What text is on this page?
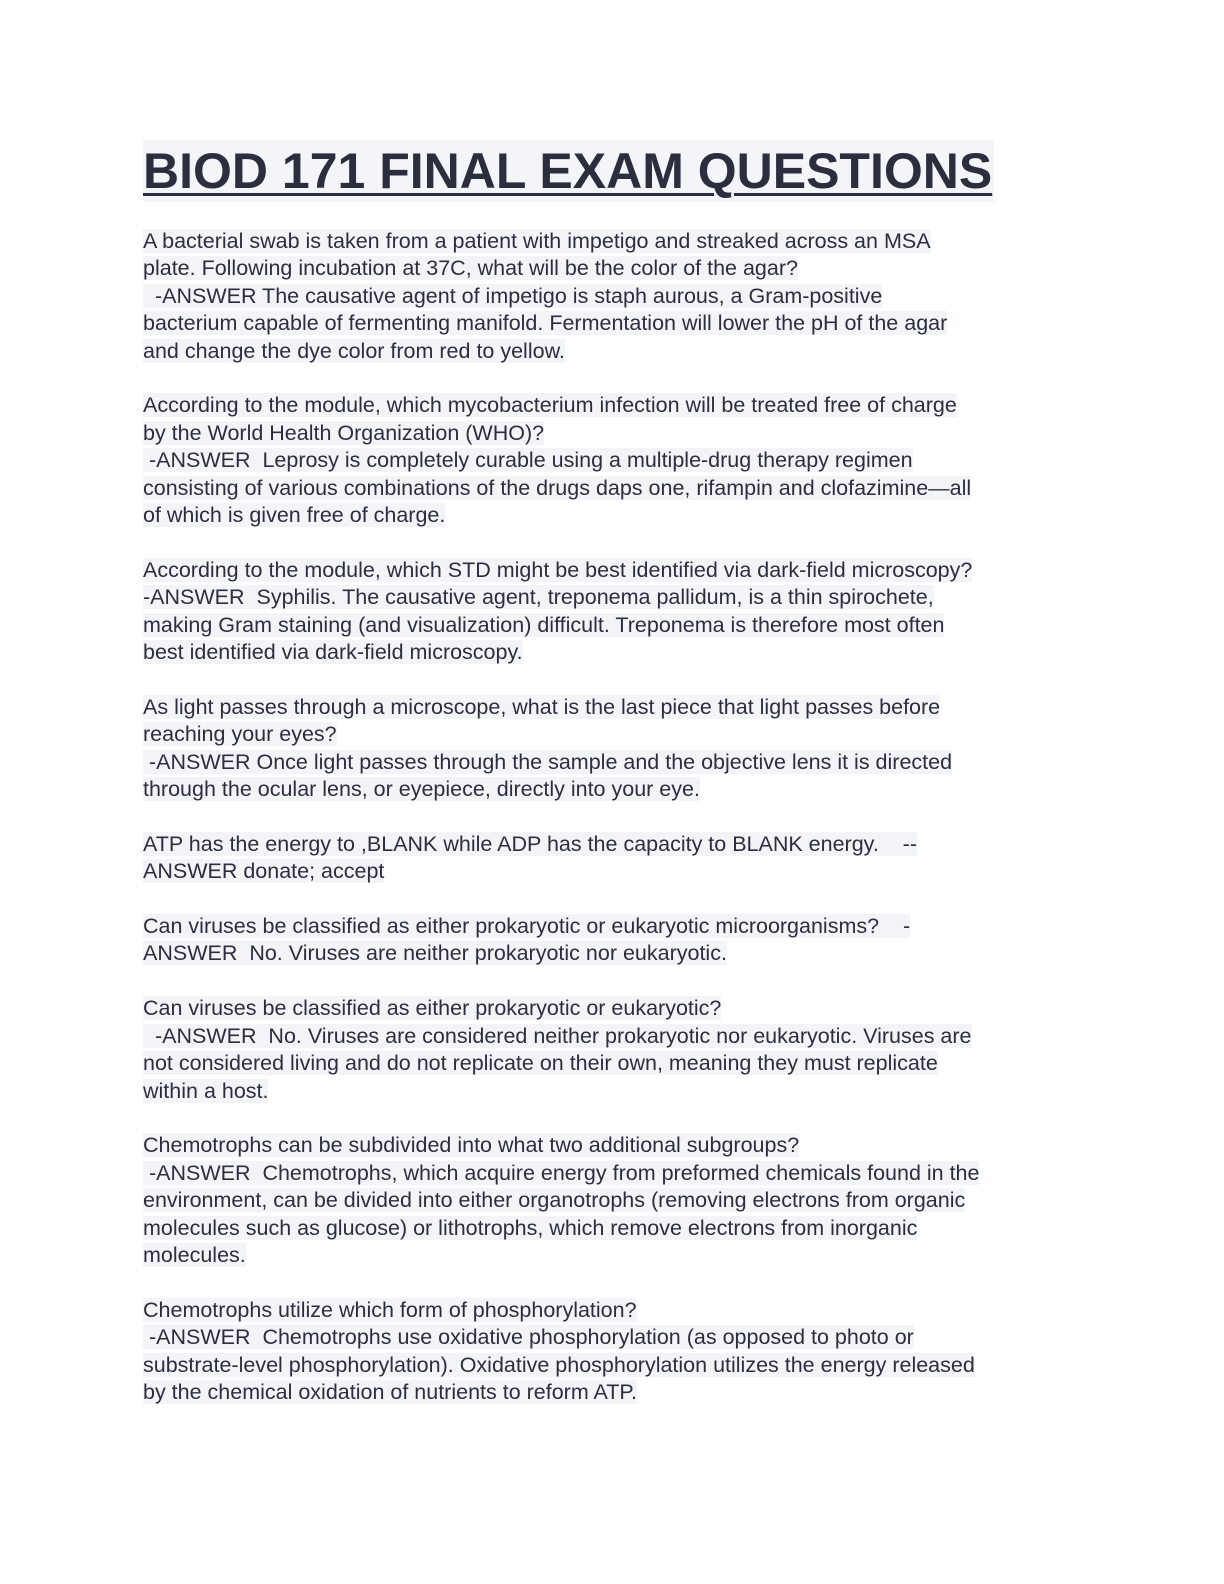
BIOD 171 FINAL EXAM QUESTIONS
A bacterial swab is taken from a patient with impetigo and streaked across an MSA
plate. Following incubation at 37C, what will be the color of the agar?
-ANSWER The causative agent of impetigo is staph aurous, a Gram-positive
bacterium capable of fermenting manifold. Fermentation will lower the pH of the agar
and change the dye color from red to yellow.
According to the module, which mycobacterium infection will be treated free of charge
by the World Health Organization (WHO)?
-ANSWER  Leprosy is completely curable using a multiple-drug therapy regimen
consisting of various combinations of the drugs daps one, rifampin and clofazimine—all
of which is given free of charge.
According to the module, which STD might be best identified via dark-field microscopy?
-ANSWER  Syphilis. The causative agent, treponema pallidum, is a thin spirochete,
making Gram staining (and visualization) difficult. Treponema is therefore most often
best identified via dark-field microscopy.
As light passes through a microscope, what is the last piece that light passes before
reaching your eyes?
-ANSWER Once light passes through the sample and the objective lens it is directed
through the ocular lens, or eyepiece, directly into your eye.
ATP has the energy to ,BLANK while ADP has the capacity to BLANK energy.    --
ANSWER donate; accept
Can viruses be classified as either prokaryotic or eukaryotic microorganisms?    -
ANSWER  No. Viruses are neither prokaryotic nor eukaryotic.
Can viruses be classified as either prokaryotic or eukaryotic?
-ANSWER  No. Viruses are considered neither prokaryotic nor eukaryotic. Viruses are
not considered living and do not replicate on their own, meaning they must replicate
within a host.
Chemotrophs can be subdivided into what two additional subgroups?
-ANSWER  Chemotrophs, which acquire energy from preformed chemicals found in the
environment, can be divided into either organotrophs (removing electrons from organic
molecules such as glucose) or lithotrophs, which remove electrons from inorganic
molecules.
Chemotrophs utilize which form of phosphorylation?
-ANSWER  Chemotrophs use oxidative phosphorylation (as opposed to photo or
substrate-level phosphorylation). Oxidative phosphorylation utilizes the energy released
by the chemical oxidation of nutrients to reform ATP.
